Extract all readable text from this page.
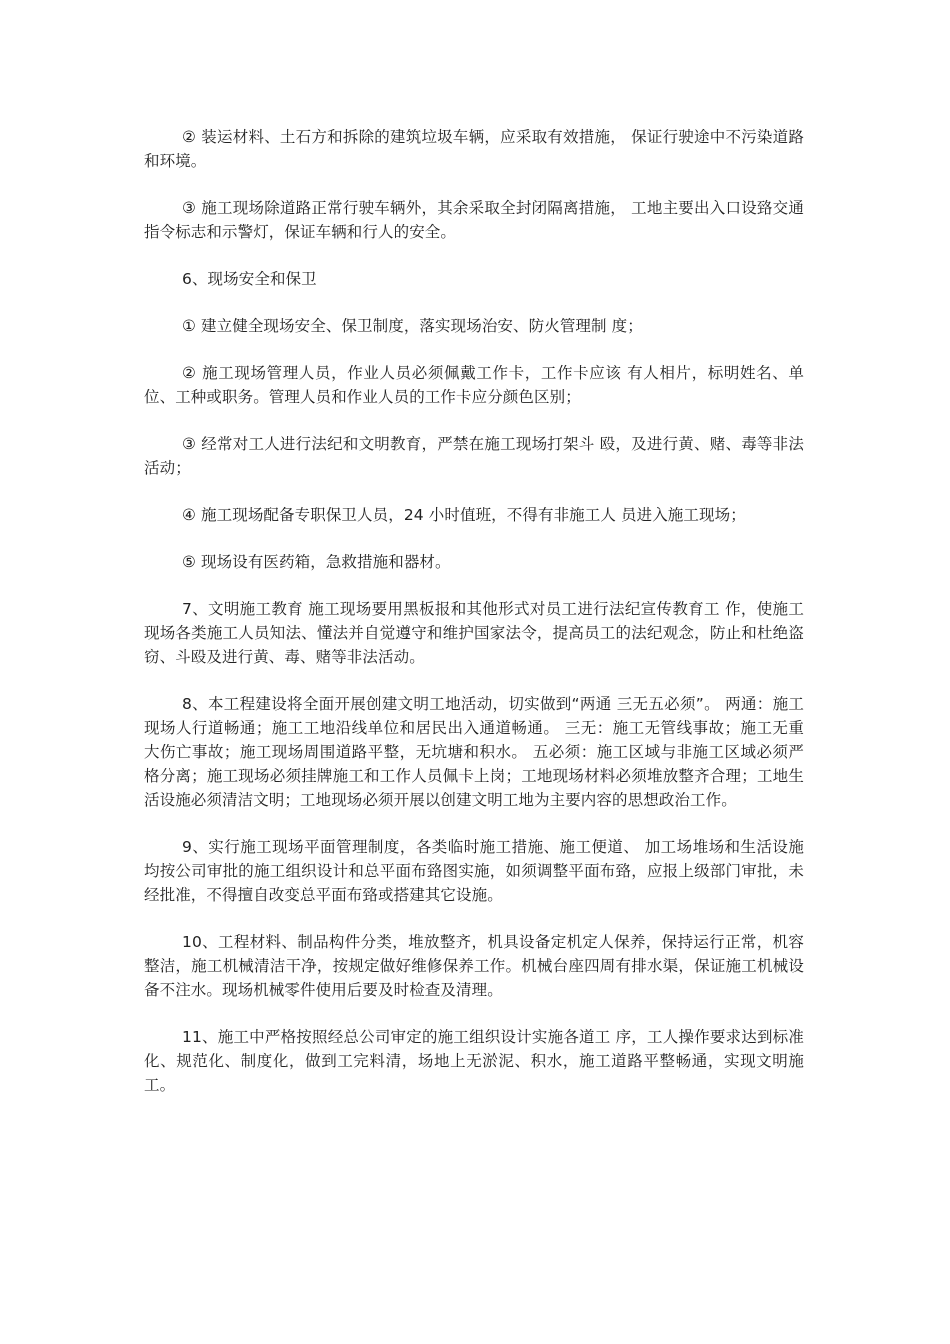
② 装运材料、土石方和拆除的建筑垃圾车辆，应采取有效措施， 保证行驶途中不污染道路和环境。

③ 施工现场除道路正常行驶车辆外，其余采取全封闭隔离措施， 工地主要出入口设臵交通指令标志和示警灯，保证车辆和行人的安全。

6、现场安全和保卫

① 建立健全现场安全、保卫制度，落实现场治安、防火管理制 度；

② 施工现场管理人员，作业人员必须佩戴工作卡，工作卡应该 有人相片，标明姓名、单位、工种或职务。管理人员和作业人员的工作卡应分颜色区别；

③ 经常对工人进行法纪和文明教育，严禁在施工现场打架斗 殴，及进行黄、赌、毒等非法活动；

④ 施工现场配备专职保卫人员，24 小时值班，不得有非施工人 员进入施工现场；

⑤ 现场设有医药箱，急救措施和器材。

7、文明施工教育 施工现场要用黑板报和其他形式对员工进行法纪宣传教育工 作，使施工现场各类施工人员知法、懂法并自觉遵守和维护国家法令，提高员工的法纪观念，防止和杜绝盗窃、斗殴及进行黄、毒、赌等非法活动。

8、本工程建设将全面开展创建文明工地活动，切实做到“两通 三无五必须”。 两通：施工现场人行道畅通；施工工地沿线单位和居民出入通道畅通。 三无：施工无管线事故；施工无重大伤亡事故；施工现场周围道路平整，无坑塘和积水。 五必须：施工区域与非施工区域必须严格分离；施工现场必须挂牌施工和工作人员佩卡上岗；工地现场材料必须堆放整齐合理；工地生活设施必须清洁文明；工地现场必须开展以创建文明工地为主要内容的思想政治工作。

9、实行施工现场平面管理制度，各类临时施工措施、施工便道、 加工场堆场和生活设施均按公司审批的施工组织设计和总平面布臵图实施，如须调整平面布臵，应报上级部门审批，未经批准，不得擅自改变总平面布臵或搭建其它设施。

10、工程材料、制品构件分类，堆放整齐，机具设备定机定人保养，保持运行正常，机容整洁，施工机械清洁干净，按规定做好维修保养工作。机械台座四周有排水渠，保证施工机械设备不注水。现场机械零件使用后要及时检查及清理。

11、施工中严格按照经总公司审定的施工组织设计实施各道工 序，工人操作要求达到标准化、规范化、制度化，做到工完料清，场地上无淤泥、积水，施工道路平整畅通，实现文明施工。
